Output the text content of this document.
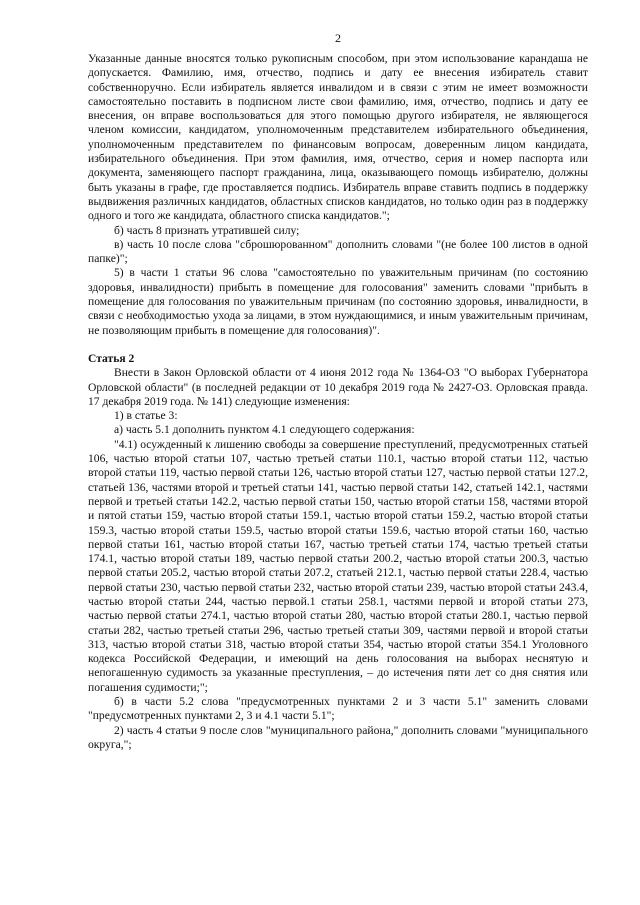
2

Указанные данные вносятся только рукописным способом, при этом использование карандаша не допускается. Фамилию, имя, отчество, подпись и дату ее внесения избиратель ставит собственноручно. Если избиратель является инвалидом и в связи с этим не имеет возможности самостоятельно поставить в подписном листе свои фамилию, имя, отчество, подпись и дату ее внесения, он вправе воспользоваться для этого помощью другого избирателя, не являющегося членом комиссии, кандидатом, уполномоченным представителем избирательного объединения, уполномоченным представителем по финансовым вопросам, доверенным лицом кандидата, избирательного объединения. При этом фамилия, имя, отчество, серия и номер паспорта или документа, заменяющего паспорт гражданина, лица, оказывающего помощь избирателю, должны быть указаны в графе, где проставляется подпись. Избиратель вправе ставить подпись в поддержку выдвижения различных кандидатов, областных списков кандидатов, но только один раз в поддержку одного и того же кандидата, областного списка кандидатов.";

б) часть 8 признать утратившей силу;

в) часть 10 после слова "сброшюрованном" дополнить словами "(не более 100 листов в одной папке)";

5) в части 1 статьи 96 слова "самостоятельно по уважительным причинам (по состоянию здоровья, инвалидности) прибыть в помещение для голосования" заменить словами "прибыть в помещение для голосования по уважительным причинам (по состоянию здоровья, инвалидности, в связи с необходимостью ухода за лицами, в этом нуждающимися, и иным уважительным причинам, не позволяющим прибыть в помещение для голосования)".

Статья 2

Внести в Закон Орловской области от 4 июня 2012 года № 1364-ОЗ "О выборах Губернатора Орловской области" (в последней редакции от 10 декабря 2019 года № 2427-ОЗ. Орловская правда. 17 декабря 2019 года. № 141) следующие изменения:

1) в статье 3:

а) часть 5.1 дополнить пунктом 4.1 следующего содержания:

"4.1) осужденный к лишению свободы за совершение преступлений, предусмотренных статьей 106, частью второй статьи 107, частью третьей статьи 110.1, частью второй статьи 112, частью второй статьи 119, частью первой статьи 126, частью второй статьи 127, частью первой статьи 127.2, статьей 136, частями второй и третьей статьи 141, частью первой статьи 142, статьей 142.1, частями первой и третьей статьи 142.2, частью первой статьи 150, частью второй статьи 158, частями второй и пятой статьи 159, частью второй статьи 159.1, частью второй статьи 159.2, частью второй статьи 159.3, частью второй статьи 159.5, частью второй статьи 159.6, частью второй статьи 160, частью первой статьи 161, частью второй статьи 167, частью третьей статьи 174, частью третьей статьи 174.1, частью второй статьи 189, частью первой статьи 200.2, частью второй статьи 200.3, частью первой статьи 205.2, частью второй статьи 207.2, статьей 212.1, частью первой статьи 228.4, частью первой статьи 230, частью первой статьи 232, частью второй статьи 239, частью второй статьи 243.4, частью второй статьи 244, частью первой.1 статьи 258.1, частями первой и второй статьи 273, частью первой статьи 274.1, частью второй статьи 280, частью второй статьи 280.1, частью первой статьи 282, частью третьей статьи 296, частью третьей статьи 309, частями первой и второй статьи 313, частью второй статьи 318, частью второй статьи 354, частью второй статьи 354.1 Уголовного кодекса Российской Федерации, и имеющий на день голосования на выборах неснятую и непогашенную судимость за указанные преступления, – до истечения пяти лет со дня снятия или погашения судимости;";

б) в части 5.2 слова "предусмотренных пунктами 2 и 3 части 5.1" заменить словами "предусмотренных пунктами 2, 3 и 4.1 части 5.1";

2) часть 4 статьи 9 после слов "муниципального района," дополнить словами "муниципального округа,";
